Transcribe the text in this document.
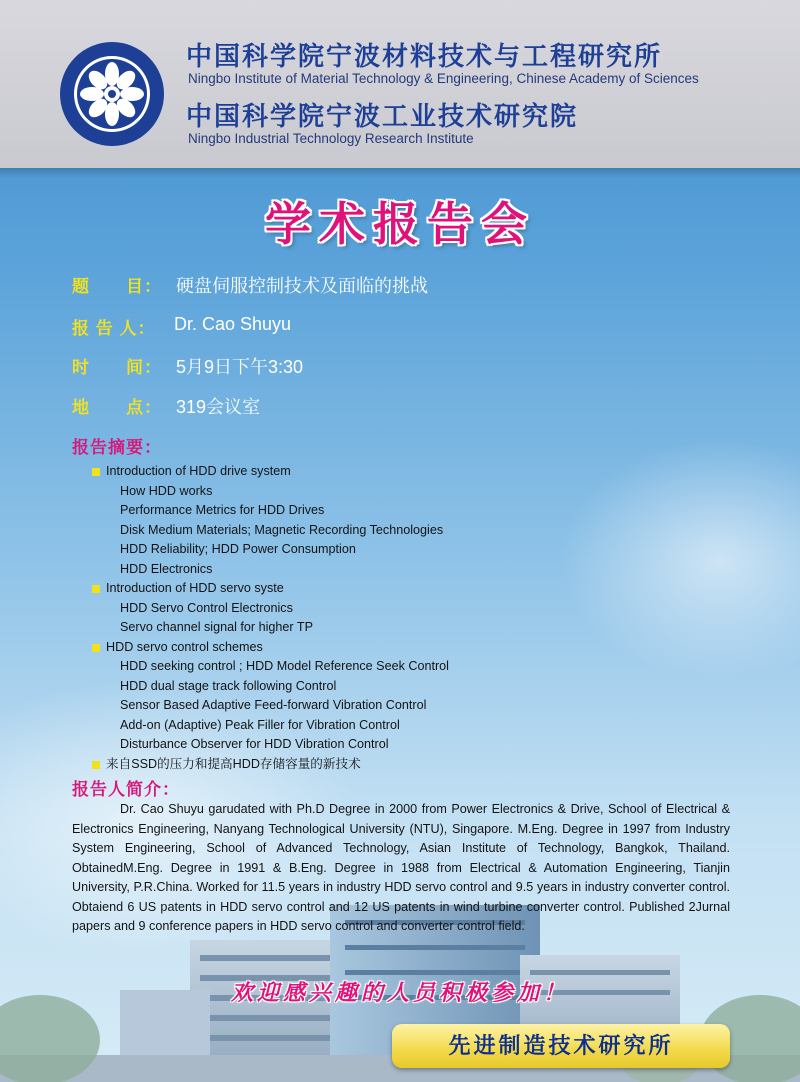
中国科学院宁波材料技术与工程研究所
Ningbo Institute of Material Technology & Engineering, Chinese Academy of Sciences
中国科学院宁波工业技术研究院
Ningbo Industrial Technology Research Institute
学术报告会
题　　目： 硬盘伺服控制技术及面临的挑战
报 告 人： Dr. Cao Shuyu
时　　间： 5月9日下午3:30
地　　点： 319会议室
报告摘要：
Introduction of HDD drive system
How HDD works
Performance Metrics for HDD Drives
Disk Medium Materials; Magnetic Recording Technologies
HDD Reliability; HDD Power Consumption
HDD Electronics
Introduction of HDD servo syste
HDD Servo Control Electronics
Servo channel signal for higher TP
HDD servo control schemes
HDD seeking control ; HDD Model Reference Seek Control
HDD dual stage track following Control
Sensor Based Adaptive Feed-forward Vibration Control
Add-on (Adaptive) Peak Filler for Vibration Control
Disturbance Observer for HDD Vibration Control
来自SSD的压力和提高HDD存储容量的新技术
报告人简介：

Dr. Cao Shuyu garudated with Ph.D Degree in 2000 from Power Electronics & Drive, School of Electrical & Electronics Engineering, Nanyang Technological University (NTU), Singapore. M.Eng. Degree in 1997 from Industry System Engineering, School of Advanced Technology, Asian Institute of Technology, Bangkok, Thailand. ObtainedM.Eng. Degree in 1991 & B.Eng. Degree in 1988 from Electrical & Automation Engineering, Tianjin University, P.R.China. Worked for 11.5 years in industry HDD servo control and 9.5 years in industry converter control. Obtaiend 6 US patents in HDD servo control and 12 US patents in wind turbine converter control. Published 2Jurnal papers and 9 conference papers in HDD servo control and converter control field.

欢迎感兴趣的人员积极参加！
先进制造技术研究所
